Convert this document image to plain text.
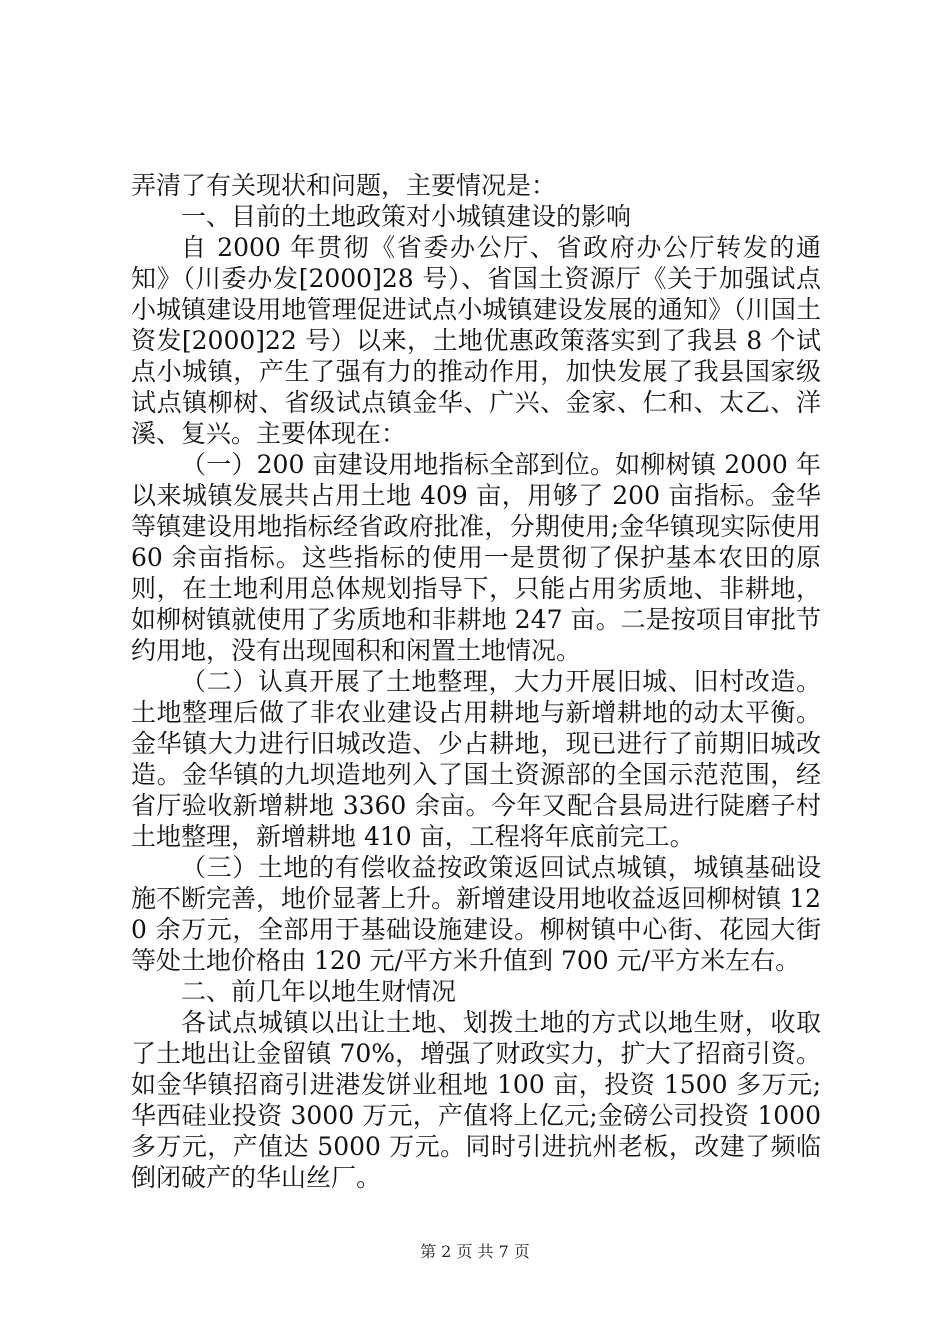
弄清了有关现状和问题，主要情况是：

一、目前的土地政策对小城镇建设的影响

自 2000 年贯彻《省委办公厅、省政府办公厅转发的通知》（川委办发[2000]28 号）、省国土资源厅《关于加强试点小城镇建设用地管理促进试点小城镇建设发展的通知》（川国土资发[2000]22 号）以来，土地优惠政策落实到了我县 8 个试点小城镇，产生了强有力的推动作用，加快发展了我县国家级试点镇柳树、省级试点镇金华、广兴、金家、仁和、太乙、洋溪、复兴。主要体现在：

（一）200 亩建设用地指标全部到位。如柳树镇 2000 年以来城镇发展共占用土地 409 亩，用够了 200 亩指标。金华等镇建设用地指标经省政府批准，分期使用;金华镇现实际使用 60 余亩指标。这些指标的使用一是贯彻了保护基本农田的原则，在土地利用总体规划指导下，只能占用劣质地、非耕地，如柳树镇就使用了劣质地和非耕地 247 亩。二是按项目审批节约用地，没有出现囤积和闲置土地情况。

（二）认真开展了土地整理，大力开展旧城、旧村改造。土地整理后做了非农业建设占用耕地与新增耕地的动太平衡。金华镇大力进行旧城改造、少占耕地，现已进行了前期旧城改造。金华镇的九坝造地列入了国土资源部的全国示范范围，经省厅验收新增耕地 3360 余亩。今年又配合县局进行陡磨子村土地整理，新增耕地 410 亩，工程将年底前完工。

（三）土地的有偿收益按政策返回试点城镇，城镇基础设施不断完善，地价显著上升。新增建设用地收益返回柳树镇 120 余万元，全部用于基础设施建设。柳树镇中心街、花园大街等处土地价格由 120 元/平方米升值到 700 元/平方米左右。

二、前几年以地生财情况

各试点城镇以出让土地、划拨土地的方式以地生财，收取了土地出让金留镇 70%，增强了财政实力，扩大了招商引资。如金华镇招商引进港发饼业租地 100 亩，投资 1500 多万元;华西硅业投资 3000 万元，产值将上亿元;金磅公司投资 1000 多万元，产值达 5000 万元。同时引进抗州老板，改建了频临倒闭破产的华山丝厂。

第 2 页 共 7 页
